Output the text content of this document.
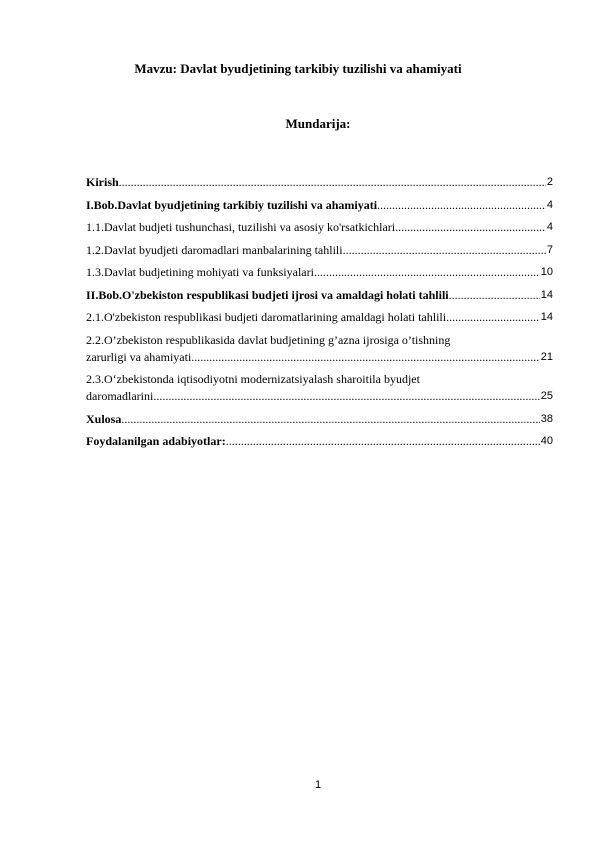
Mavzu: Davlat byudjetining tarkibiy tuzilishi va ahamiyati
Mundarija:
Kirish .....	2
I.Bob.Davlat byudjetining tarkibiy tuzilishi va ahamiyati .....	4
1.1.Davlat budjeti tushunchasi, tuzilishi va asosiy ko'rsatkichlari .....	4
1.2.Davlat byudjeti daromadlari manbalarining tahlili .....	7
1.3.Davlat budjetining mohiyati va funksiyalari .....	10
II.Bob.O'zbekiston respublikasi budjeti ijrosi va amaldagi holati tahlili .....	14
2.1.O'zbekiston respublikasi budjeti daromatlarining amaldagi holati tahlili .....	14
2.2.O’zbekiston respublikasida davlat budjetining g’azna ijrosiga o’tishning
zarurligi va ahamiyati .....	21
2.3.O‘zbekistonda iqtisodiyotni modernizatsiyalash sharoitila byudjet
daromadlarini .....	25
Xulosa .....	38
Foydalanilgan adabiyotlar: .....	40
1
